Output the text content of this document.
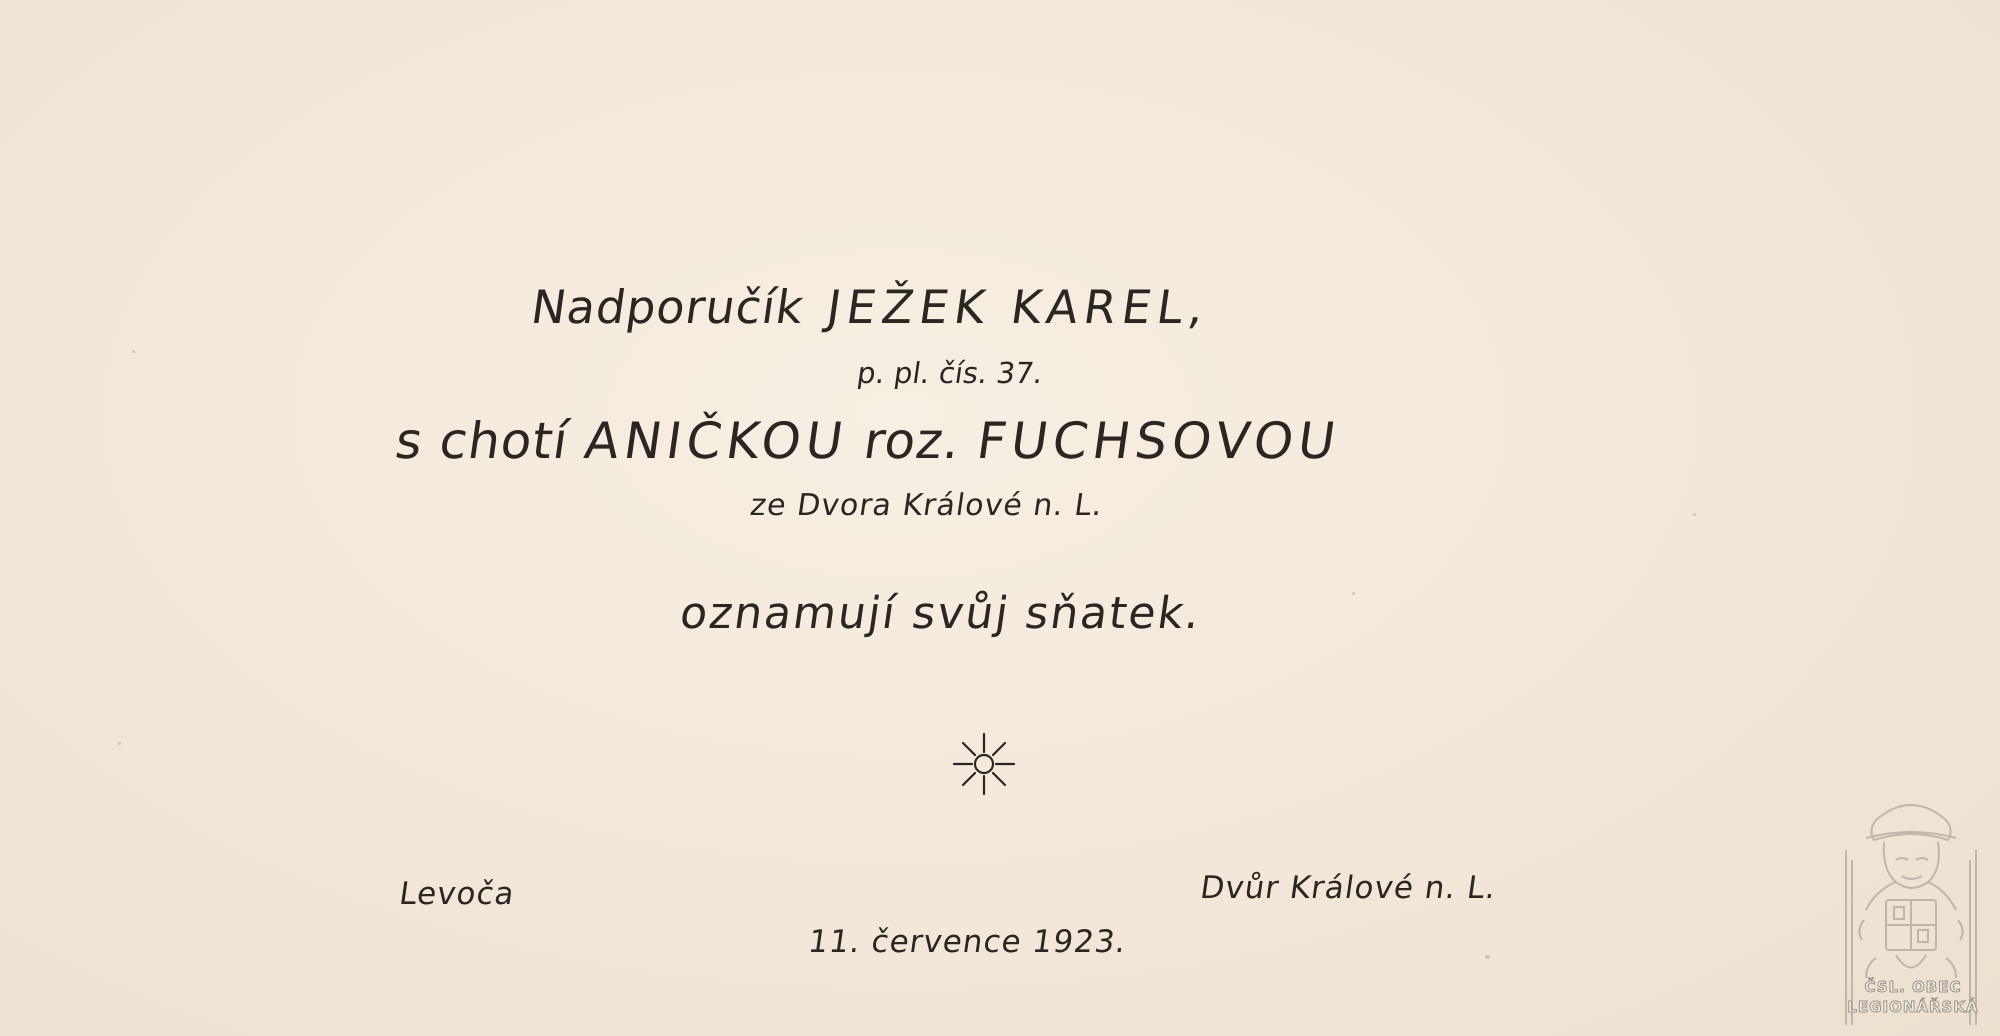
Nadporučík JEŽEK KAREL,
p. pl. čís. 37.
s chotí ANIČKOU roz. FUCHSOVOU
ze Dvora Králové n. L.
oznamují svůj sňatek.
Levoča	Dvůr Králové n. L.
11. července 1923.
ČSL. OBEC
LEGIONÁŘSKÁ
